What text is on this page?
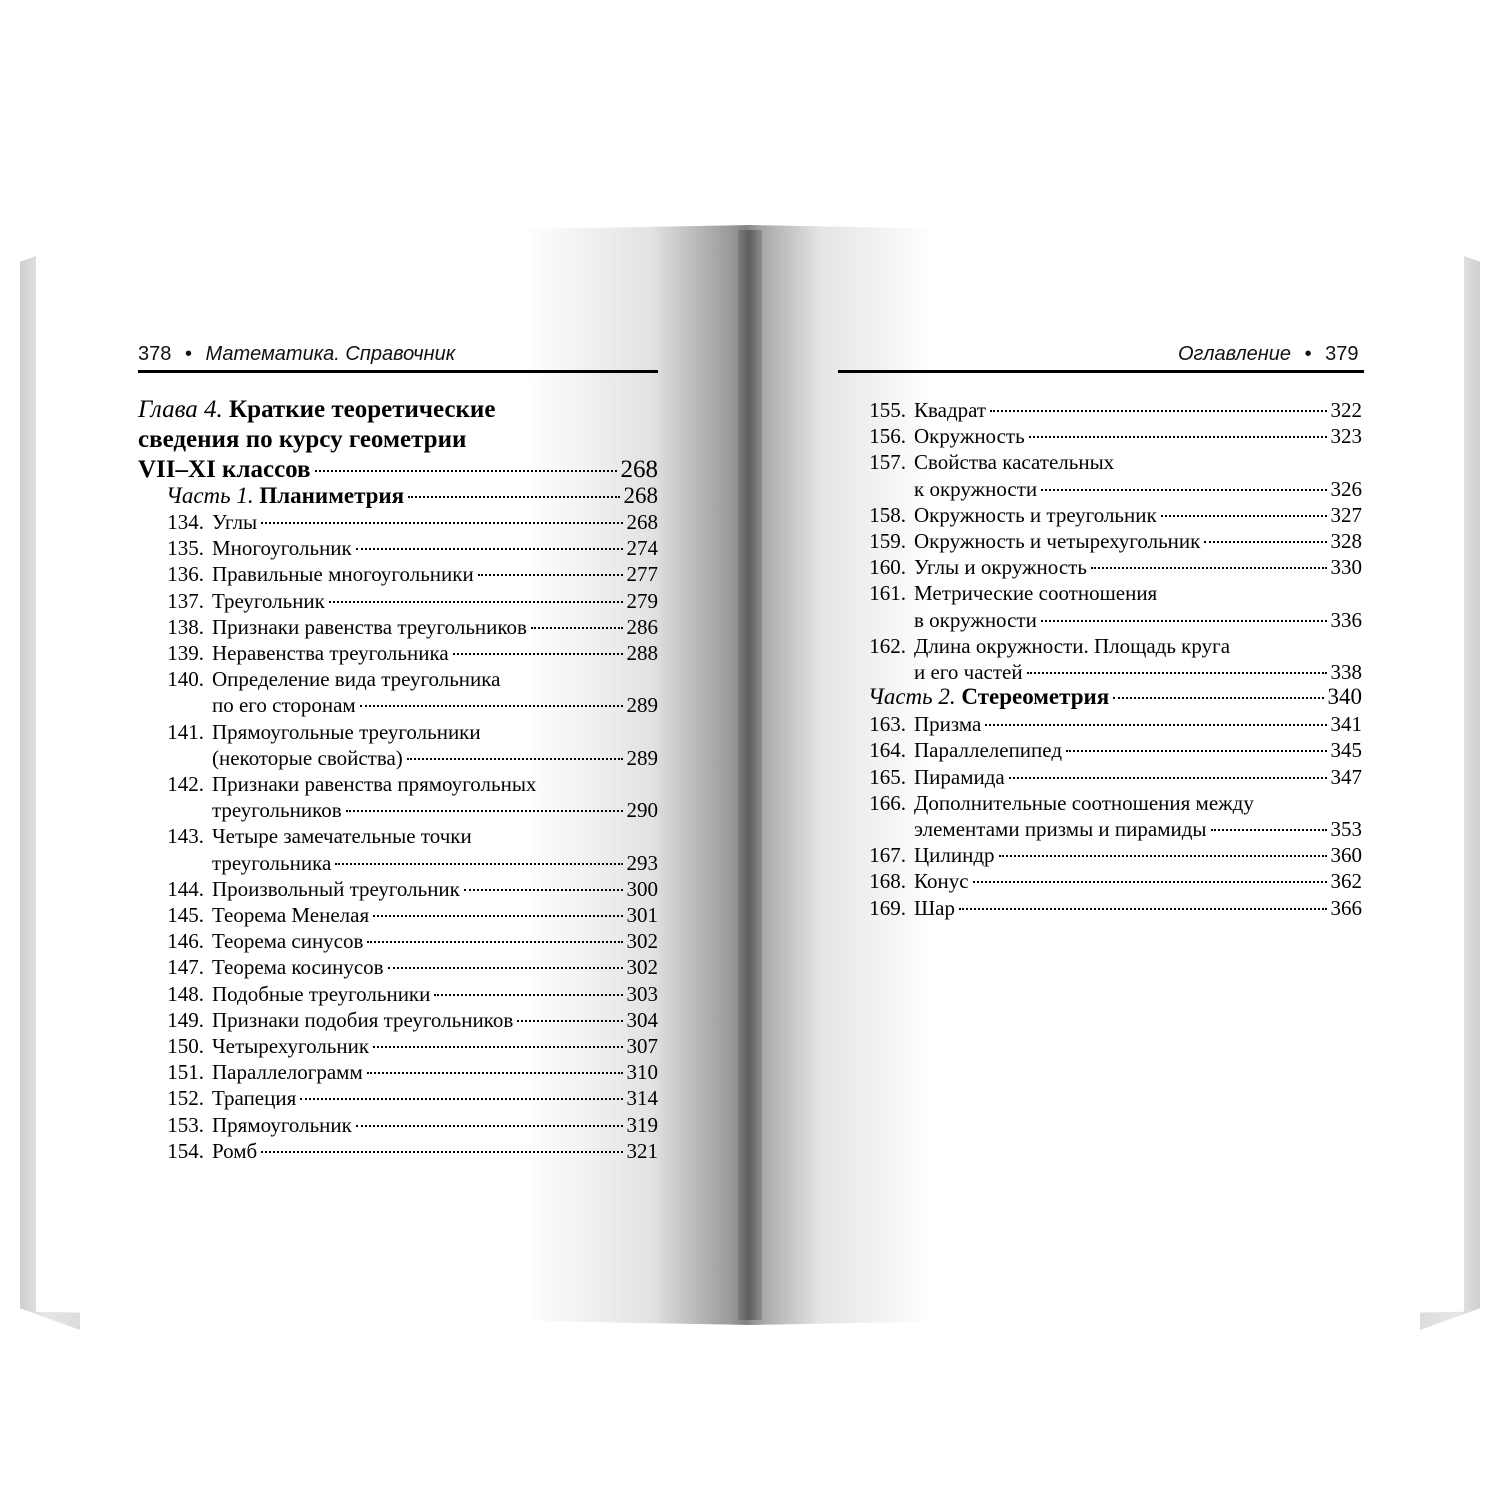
378 • Математика. Справочник	Оглавление • 379
Глава 4.
Краткие теоретические
сведения по курсу геометрии
VII–XI классов	268
Часть 1.
Планиметрия	268
134. Углы	268
135. Многоугольник	274
136. Правильные многоугольники	277
137. Треугольник	279
138. Признаки равенства треугольников	286
139. Неравенства треугольника	288
140. Определение вида треугольника
по его сторонам	289
141. Прямоугольные треугольники
(некоторые свойства)	289
142. Признаки равенства прямоугольных
треугольников	290
143. Четыре замечательные точки
треугольника	293
144. Произвольный треугольник	300
145. Теорема Менелая	301
146. Теорема синусов	302
147. Теорема косинусов	302
148. Подобные треугольники	303
149. Признаки подобия треугольников	304
150. Четырехугольник	307
151. Параллелограмм	310
152. Трапеция	314
153. Прямоугольник	319
154. Ромб	321
155. Квадрат	322
156. Окружность	323
157. Свойства касательных
к окружности	326
158. Окружность и треугольник	327
159. Окружность и четырехугольник	328
160. Углы и окружность	330
161. Метрические соотношения
в окружности	336
162. Длина окружности. Площадь круга
и его частей	338
Часть 2.
Стереометрия	340
163. Призма	341
164. Параллелепипед	345
165. Пирамида	347
166. Дополнительные соотношения между
элементами призмы и пирамиды	353
167. Цилиндр	360
168. Конус	362
169. Шар	366
